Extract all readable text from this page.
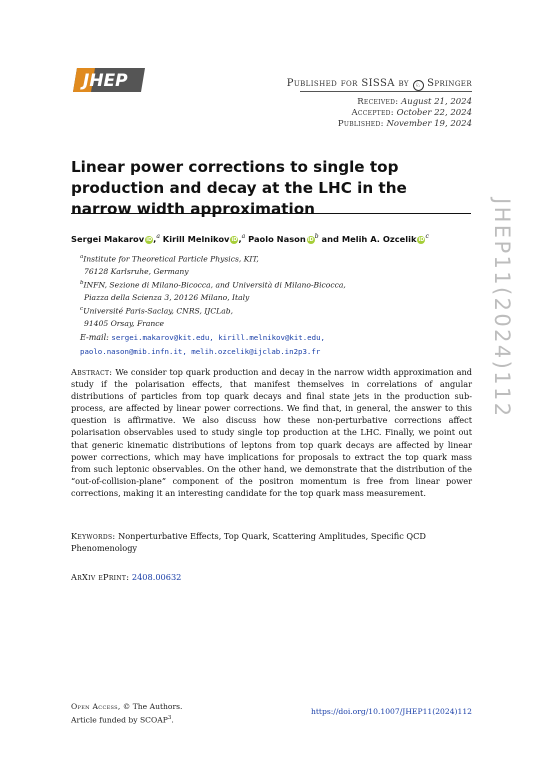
JHEP	Published for SISSA by ♘ Springer
Received: August 21, 2024
Accepted: October 22, 2024
Published: November 19, 2024
Linear power corrections to single top production and decay at the LHC in the narrow width approximation
Sergei Makarov iD,$^a$ Kirill Melnikov iD,$^a$ Paolo Nason $iD^b$ and Melih A. Ozcelik $iD^c$
$^a$Institute for Theoretical Particle Physics, KIT,
76128 Karlsruhe, Germany
$^b$INFN, Sezione di Milano-Bicocca, and Università di Milano-Bicocca,
Piazza della Scienza 3, 20126 Milano, Italy
$^c$Université Paris-Saclay, CNRS, IJCLab,
91405 Orsay, France
E-mail: sergei.makarov@kit.edu, kirill.melnikov@kit.edu,
paolo.nason@mib.infn.it, melih.ozcelik@ijclab.in2p3.fr
Abstract: We consider top quark production and decay in the narrow width approximation and study if the polarisation effects, that manifest themselves in correlations of angular distributions of particles from top quark decays and final state jets in the production sub-process, are affected by linear power corrections. We find that, in general, the answer to this question is affirmative. We also discuss how these non-perturbative corrections affect polarisation observables used to study single top production at the LHC. Finally, we point out that generic kinematic distributions of leptons from top quark decays are affected by linear power corrections, which may have implications for proposals to extract the top quark mass from such leptonic observables. On the other hand, we demonstrate that the distribution of the “out-of-collision-plane” component of the positron momentum is free from linear power corrections, making it an interesting candidate for the top quark mass measurement.
Keywords: Nonperturbative Effects, Top Quark, Scattering Amplitudes, Specific QCD Phenomenology
ArXiv ePrint: 2408.00632
Open Access, © The Authors.
Article funded by SCOAP$^3$.
https://doi.org/10.1007/JHEP11(2024)112
JHEP11(2024)112
